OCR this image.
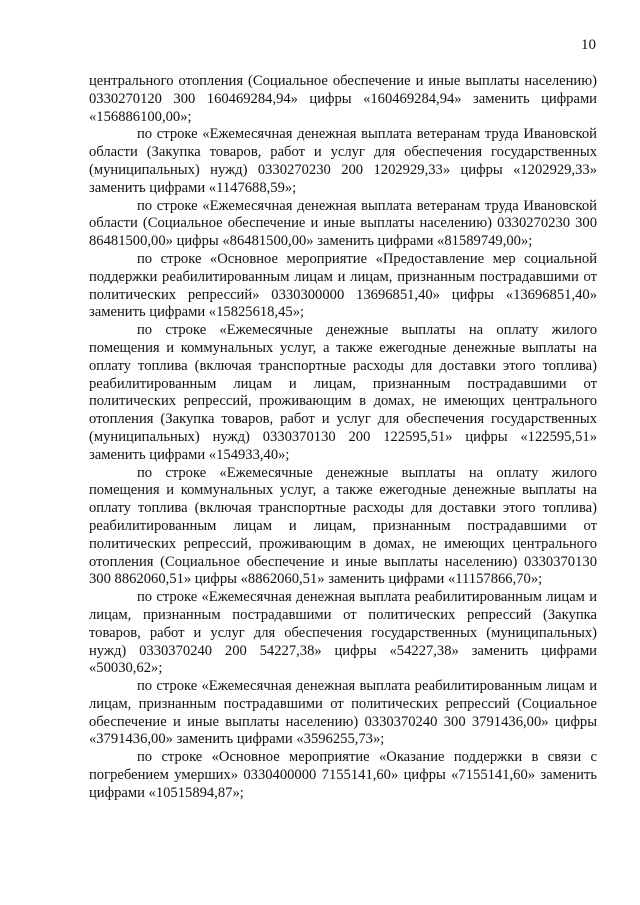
10

центрального отопления (Социальное обеспечение и иные выплаты населению) 0330270120 300 160469284,94» цифры «160469284,94» заменить цифрами «156886100,00»;

по строке «Ежемесячная денежная выплата ветеранам труда Ивановской области (Закупка товаров, работ и услуг для обеспечения государственных (муниципальных) нужд) 0330270230 200 1202929,33» цифры «1202929,33» заменить цифрами «1147688,59»;

по строке «Ежемесячная денежная выплата ветеранам труда Ивановской области (Социальное обеспечение и иные выплаты населению) 0330270230 300 86481500,00» цифры «86481500,00» заменить цифрами «81589749,00»;

по строке «Основное мероприятие «Предоставление мер социальной поддержки реабилитированным лицам и лицам, признанным пострадавшими от политических репрессий» 0330300000 13696851,40» цифры «13696851,40» заменить цифрами «15825618,45»;

по строке «Ежемесячные денежные выплаты на оплату жилого помещения и коммунальных услуг, а также ежегодные денежные выплаты на оплату топлива (включая транспортные расходы для доставки этого топлива) реабилитированным лицам и лицам, признанным пострадавшими от политических репрессий, проживающим в домах, не имеющих центрального отопления (Закупка товаров, работ и услуг для обеспечения государственных (муниципальных) нужд) 0330370130 200 122595,51» цифры «122595,51» заменить цифрами «154933,40»;

по строке «Ежемесячные денежные выплаты на оплату жилого помещения и коммунальных услуг, а также ежегодные денежные выплаты на оплату топлива (включая транспортные расходы для доставки этого топлива) реабилитированным лицам и лицам, признанным пострадавшими от политических репрессий, проживающим в домах, не имеющих центрального отопления (Социальное обеспечение и иные выплаты населению) 0330370130 300 8862060,51» цифры «8862060,51» заменить цифрами «11157866,70»;

по строке «Ежемесячная денежная выплата реабилитированным лицам и лицам, признанным пострадавшими от политических репрессий (Закупка товаров, работ и услуг для обеспечения государственных (муниципальных) нужд) 0330370240 200 54227,38» цифры «54227,38» заменить цифрами «50030,62»;

по строке «Ежемесячная денежная выплата реабилитированным лицам и лицам, признанным пострадавшими от политических репрессий (Социальное обеспечение и иные выплаты населению) 0330370240 300 3791436,00» цифры «3791436,00» заменить цифрами «3596255,73»;

по строке «Основное мероприятие «Оказание поддержки в связи с погребением умерших» 0330400000 7155141,60» цифры «7155141,60» заменить цифрами «10515894,87»;
